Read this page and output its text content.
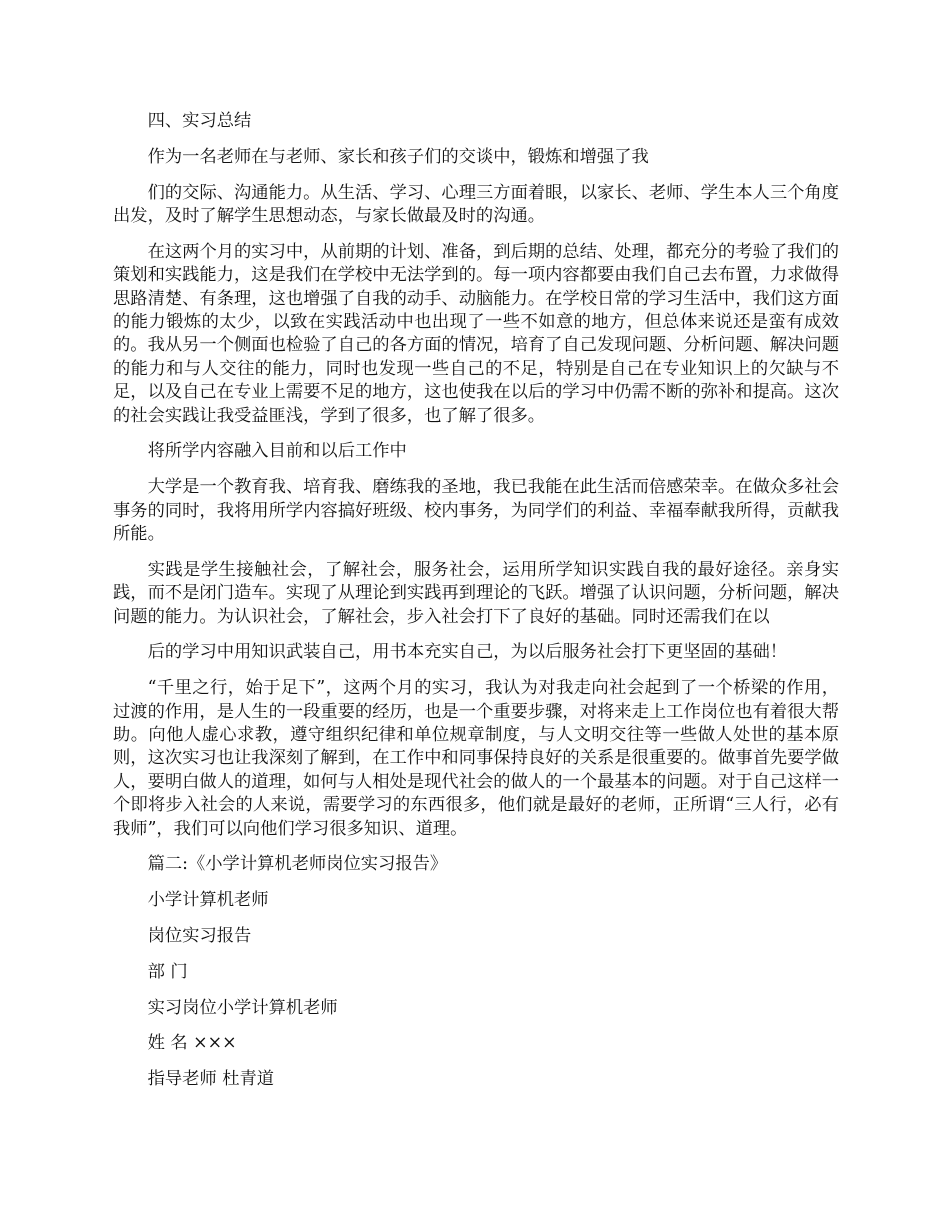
四、实习总结

作为一名老师在与老师、家长和孩子们的交谈中，锻炼和增强了我

们的交际、沟通能力。从生活、学习、心理三方面着眼，以家长、老师、学生本人三个角度出发，及时了解学生思想动态，与家长做最及时的沟通。

在这两个月的实习中，从前期的计划、准备，到后期的总结、处理，都充分的考验了我们的策划和实践能力，这是我们在学校中无法学到的。每一项内容都要由我们自己去布置，力求做得思路清楚、有条理，这也增强了自我的动手、动脑能力。在学校日常的学习生活中，我们这方面的能力锻炼的太少，以致在实践活动中也出现了一些不如意的地方，但总体来说还是蛮有成效的。我从另一个侧面也检验了自己的各方面的情况，培育了自己发现问题、分析问题、解决问题的能力和与人交往的能力，同时也发现一些自己的不足，特别是自己在专业知识上的欠缺与不足，以及自己在专业上需要不足的地方，这也使我在以后的学习中仍需不断的弥补和提高。这次的社会实践让我受益匪浅，学到了很多，也了解了很多。

将所学内容融入目前和以后工作中

大学是一个教育我、培育我、磨练我的圣地，我已我能在此生活而倍感荣幸。在做众多社会事务的同时，我将用所学内容搞好班级、校内事务，为同学们的利益、幸福奉献我所得，贡献我所能。

实践是学生接触社会，了解社会，服务社会，运用所学知识实践自我的最好途径。亲身实践，而不是闭门造车。实现了从理论到实践再到理论的飞跃。增强了认识问题，分析问题，解决问题的能力。为认识社会，了解社会，步入社会打下了良好的基础。同时还需我们在以

后的学习中用知识武装自己，用书本充实自己，为以后服务社会打下更坚固的基础！

“千里之行，始于足下”，这两个月的实习，我认为对我走向社会起到了一个桥梁的作用，过渡的作用，是人生的一段重要的经历，也是一个重要步骤，对将来走上工作岗位也有着很大帮助。向他人虚心求教，遵守组织纪律和单位规章制度，与人文明交往等一些做人处世的基本原则，这次实习也让我深刻了解到，在工作中和同事保持良好的关系是很重要的。做事首先要学做人，要明白做人的道理，如何与人相处是现代社会的做人的一个最基本的问题。对于自己这样一个即将步入社会的人来说，需要学习的东西很多，他们就是最好的老师，正所谓“三人行，必有我师”，我们可以向他们学习很多知识、道理。

篇二:《小学计算机老师岗位实习报告》

小学计算机老师

岗位实习报告

部 门

实习岗位小学计算机老师

姓 名 ×××

指导老师 杜青道
